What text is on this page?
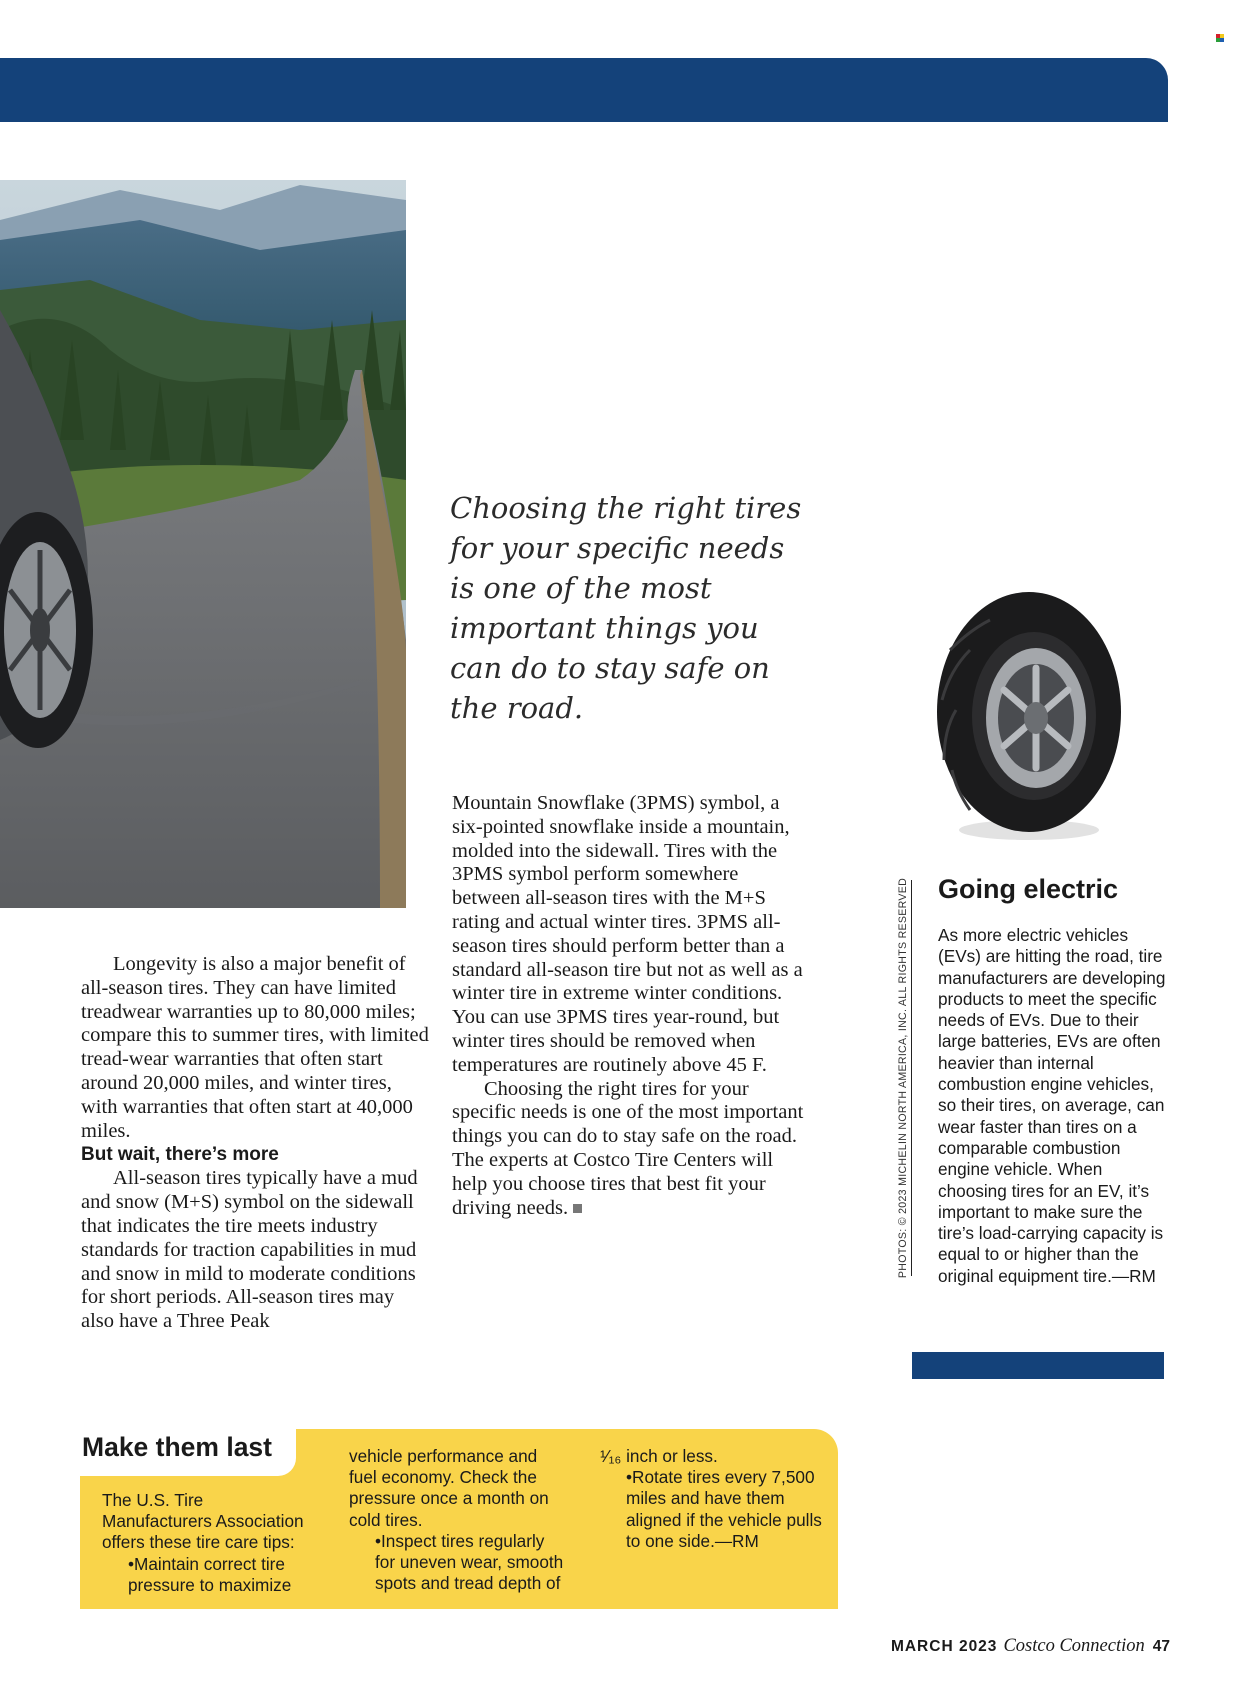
Choosing the right tires for your specific needs is one of the most important things you can do to stay safe on the road.

Longevity is also a major benefit of all-season tires. They can have limited treadwear warranties up to 80,000 miles; compare this to summer tires, with limited tread-wear warranties that often start around 20,000 miles, and winter tires, with warranties that often start at 40,000 miles.

But wait, there’s more

All-season tires typically have a mud and snow (M+S) symbol on the sidewall that indicates the tire meets industry standards for traction capabilities in mud and snow in mild to moderate conditions for short periods. All-season tires may also have a Three Peak

Mountain Snowflake (3PMS) symbol, a six-pointed snowflake inside a mountain, molded into the sidewall. Tires with the 3PMS symbol perform somewhere between all-season tires with the M+S rating and actual winter tires. 3PMS all-season tires should perform better than a standard all-season tire but not as well as a winter tire in extreme winter conditions. You can use 3PMS tires year-round, but winter tires should be removed when temperatures are routinely above 45 F.

Choosing the right tires for your specific needs is one of the most important things you can do to stay safe on the road. The experts at Costco Tire Centers will help you choose tires that best fit your driving needs.	PHOTOS: © 2023 MICHELIN NORTH AMERICA, INC. ALL RIGHTS RESERVED Going electric

As more electric vehicles (EVs) are hitting the road, tire manufacturers are developing products to meet the specific needs of EVs. Due to their large batteries, EVs are often heavier than internal combustion engine vehicles, so their tires, on average, can wear faster than tires on a comparable combustion engine vehicle. When choosing tires for an EV, it’s important to make sure the tire’s load-carrying capacity is equal to or higher than the original equipment tire.—RM

Make them last

The U.S. Tire Manufacturers Association offers these tire care tips:

•Maintain correct tire pressure to maximize

vehicle performance and fuel economy. Check the pressure once a month on cold tires.

•Inspect tires regularly for uneven wear, smooth spots and tread depth of

¹⁄₁₆ inch or less.

•Rotate tires every 7,500 miles and have them aligned if the vehicle pulls to one side.—RM

MARCH 2023 Costco Connection 47
